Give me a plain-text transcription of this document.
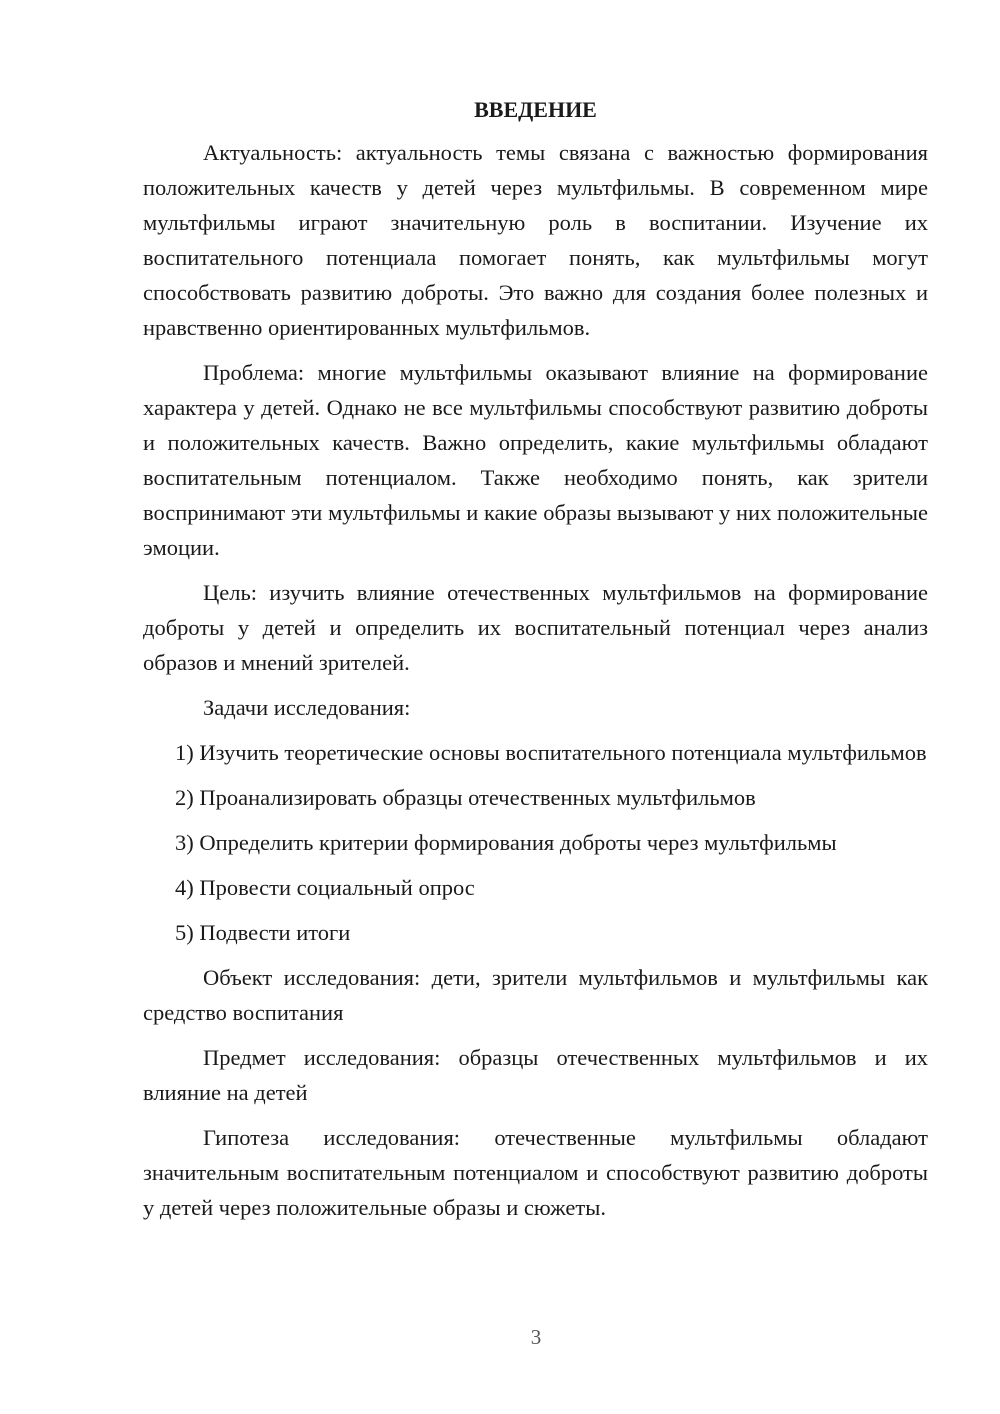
ВВЕДЕНИЕ

Актуальность: актуальность темы связана с важностью формирования положительных качеств у детей через мультфильмы. В современном мире мультфильмы играют значительную роль в воспитании. Изучение их воспитательного потенциала помогает понять, как мультфильмы могут способствовать развитию доброты. Это важно для создания более полезных и нравственно ориентированных мультфильмов.

Проблема: многие мультфильмы оказывают влияние на формирование характера у детей. Однако не все мультфильмы способствуют развитию доброты и положительных качеств. Важно определить, какие мультфильмы обладают воспитательным потенциалом. Также необходимо понять, как зрители воспринимают эти мультфильмы и какие образы вызывают у них положительные эмоции.

Цель: изучить влияние отечественных мультфильмов на формирование доброты у детей и определить их воспитательный потенциал через анализ образов и мнений зрителей.

Задачи исследования:

1) Изучить теоретические основы воспитательного потенциала мультфильмов

2) Проанализировать образцы отечественных мультфильмов

3) Определить критерии формирования доброты через мультфильмы

4) Провести социальный опрос

5) Подвести итоги

Объект исследования: дети, зрители мультфильмов и мультфильмы как средство воспитания

Предмет исследования: образцы отечественных мультфильмов и их влияние на детей

Гипотеза исследования: отечественные мультфильмы обладают значительным воспитательным потенциалом и способствуют развитию доброты у детей через положительные образы и сюжеты.

3
